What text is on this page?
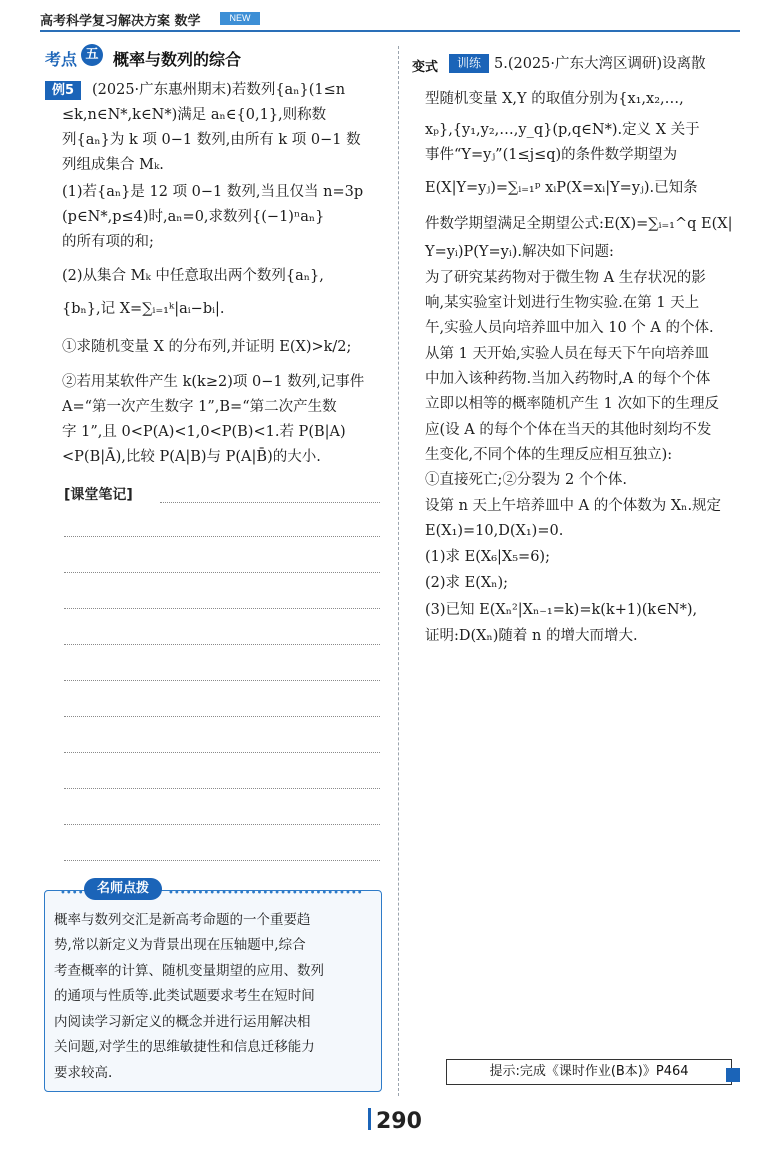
高考科学复习解决方案 数学	NEW
考点 五 概率与数列的综合
例5	(2025·广东惠州期末)若数列{aₙ}(1≤n
≤k,n∈N*,k∈N*)满足 aₙ∈{0,1},则称数
列{aₙ}为 k 项 0−1 数列,由所有 k 项 0−1 数
列组成集合 Mₖ.
(1)若{aₙ}是 12 项 0−1 数列,当且仅当 n=3p
(p∈N*,p≤4)时,aₙ=0,求数列{(−1)ⁿaₙ}
的所有项的和;
(2)从集合 Mₖ 中任意取出两个数列{aₙ},
{bₙ},记 X=∑ᵢ₌₁ᵏ|aᵢ−bᵢ|.
①求随机变量 X 的分布列,并证明 E(X)>k/2;
②若用某软件产生 k(k≥2)项 0−1 数列,记事件
A=“第一次产生数字 1”,B=“第二次产生数
字 1”,且 0<P(A)<1,0<P(B)<1.若 P(B|A)
<P(B|Ā),比较 P(A|B)与 P(A|B̄)的大小.
[课堂笔记]
••••	名师点拨	•••••••••••••••••••••••••••••••••
概率与数列交汇是新高考命题的一个重要趋
势,常以新定义为背景出现在压轴题中,综合
考查概率的计算、随机变量期望的应用、数列
的通项与性质等.此类试题要求考生在短时间
内阅读学习新定义的概念并进行运用解决相
关问题,对学生的思维敏捷性和信息迁移能力
要求较高.
变式	训练 5.(2025·广东大湾区调研)设离散
型随机变量 X,Y 的取值分别为{x₁,x₂,…,
xₚ},{y₁,y₂,…,y_q}(p,q∈N*).定义 X 关于
事件“Y=yⱼ”(1≤j≤q)的条件数学期望为
E(X|Y=yⱼ)=∑ᵢ₌₁ᵖ xᵢP(X=xᵢ|Y=yⱼ).已知条
件数学期望满足全期望公式:E(X)=∑ᵢ₌₁^q E(X|
Y=yᵢ)P(Y=yᵢ).解决如下问题:
为了研究某药物对于微生物 A 生存状况的影
响,某实验室计划进行生物实验.在第 1 天上
午,实验人员向培养皿中加入 10 个 A 的个体.
从第 1 天开始,实验人员在每天下午向培养皿
中加入该种药物.当加入药物时,A 的每个个体
立即以相等的概率随机产生 1 次如下的生理反
应(设 A 的每个个体在当天的其他时刻均不发
生变化,不同个体的生理反应相互独立):
①直接死亡;②分裂为 2 个个体.
设第 n 天上午培养皿中 A 的个体数为 Xₙ.规定
E(X₁)=10,D(X₁)=0.
(1)求 E(X₆|X₅=6);
(2)求 E(Xₙ);
(3)已知 E(Xₙ²|Xₙ₋₁=k)=k(k+1)(k∈N*),
证明:D(Xₙ)随着 n 的增大而增大.
提示:完成《课时作业(B本)》P464
290
